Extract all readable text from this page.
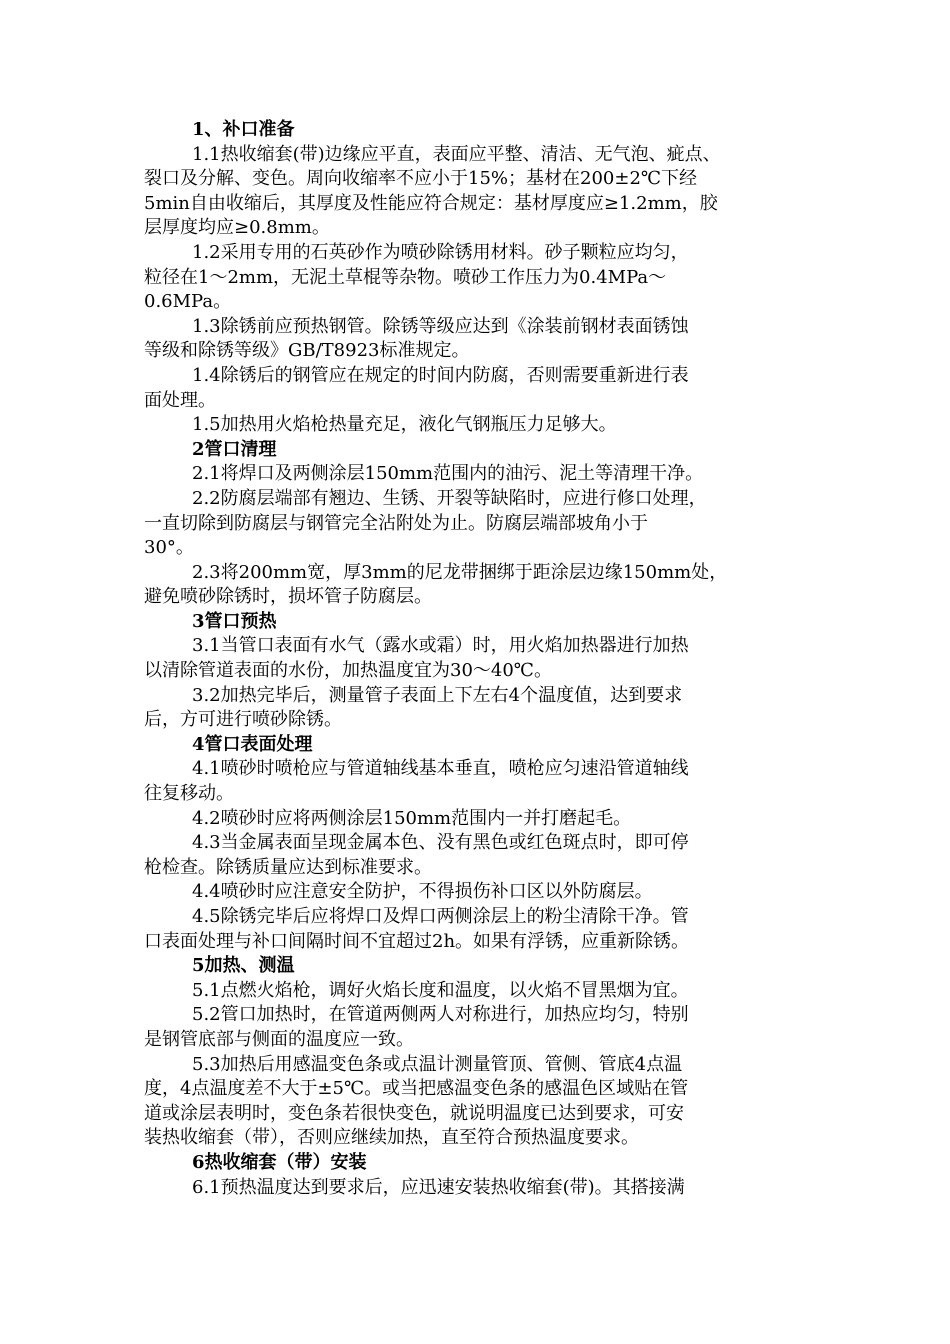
1、补口准备
1.1热收缩套(带)边缘应平直，表面应平整、清洁、无气泡、疵点、
裂口及分解、变色。周向收缩率不应小于15%；基材在200±2℃下经
5min自由收缩后，其厚度及性能应符合规定：基材厚度应≥1.2mm，胶
层厚度均应≥0.8mm。
1.2采用专用的石英砂作为喷砂除锈用材料。砂子颗粒应均匀，
粒径在1～2mm，无泥土草棍等杂物。喷砂工作压力为0.4MPa～
0.6MPa。
1.3除锈前应预热钢管。除锈等级应达到《涂装前钢材表面锈蚀
等级和除锈等级》GB/T8923标准规定。
1.4除锈后的钢管应在规定的时间内防腐，否则需要重新进行表
面处理。
1.5加热用火焰枪热量充足，液化气钢瓶压力足够大。
2管口清理
2.1将焊口及两侧涂层150mm范围内的油污、泥土等清理干净。
2.2防腐层端部有翘边、生锈、开裂等缺陷时，应进行修口处理，
一直切除到防腐层与钢管完全沾附处为止。防腐层端部坡角小于
30°。
2.3将200mm宽，厚3mm的尼龙带捆绑于距涂层边缘150mm处，
避免喷砂除锈时，损坏管子防腐层。
3管口预热
3.1当管口表面有水气（露水或霜）时，用火焰加热器进行加热
以清除管道表面的水份，加热温度宜为30～40℃。
3.2加热完毕后，测量管子表面上下左右4个温度值，达到要求
后，方可进行喷砂除锈。
4管口表面处理
4.1喷砂时喷枪应与管道轴线基本垂直，喷枪应匀速沿管道轴线
往复移动。
4.2喷砂时应将两侧涂层150mm范围内一并打磨起毛。
4.3当金属表面呈现金属本色、没有黑色或红色斑点时，即可停
枪检查。除锈质量应达到标准要求。
4.4喷砂时应注意安全防护，不得损伤补口区以外防腐层。
4.5除锈完毕后应将焊口及焊口两侧涂层上的粉尘清除干净。管
口表面处理与补口间隔时间不宜超过2h。如果有浮锈，应重新除锈。
5加热、测温
5.1点燃火焰枪，调好火焰长度和温度，以火焰不冒黑烟为宜。
5.2管口加热时，在管道两侧两人对称进行，加热应均匀，特别
是钢管底部与侧面的温度应一致。
5.3加热后用感温变色条或点温计测量管顶、管侧、管底4点温
度，4点温度差不大于±5℃。或当把感温变色条的感温色区域贴在管
道或涂层表明时，变色条若很快变色，就说明温度已达到要求，可安
装热收缩套（带），否则应继续加热，直至符合预热温度要求。
6热收缩套（带）安装
6.1预热温度达到要求后，应迅速安装热收缩套(带)。其搭接满
